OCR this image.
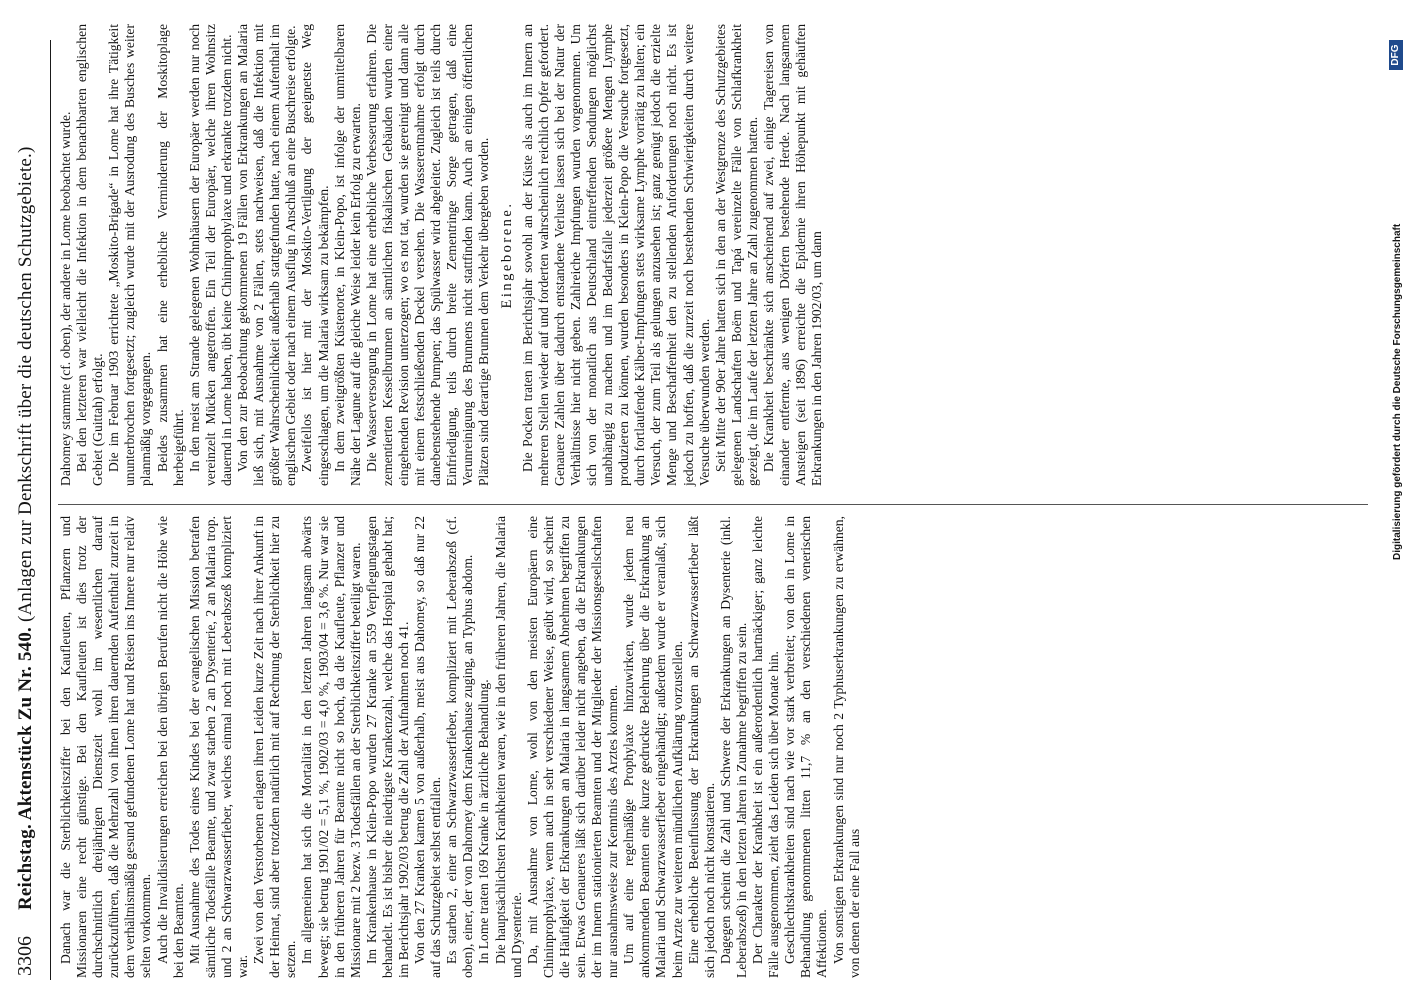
3306
Reichstag. Aktenstück Zu Nr. 540. (Anlagen zur Denkschrift über die deutschen Schutzgebiete.)

Danach war die Sterblichkeitsziffer bei den Kaufleuten, Pflanzern und Missionaren eine recht günstige. Bei den Kaufleuten ist dies trotz der durchschnittlich dreijährigen Dienstzeit wohl im wesentlichen darauf zurückzuführen, daß die Mehrzahl von ihnen ihren dauernden Aufenthalt zurzeit in dem verhältnismäßig gesund gefundenen Lome hat und Reisen ins Innere nur relativ selten vorkommen. Auch die Invalidisierungen erreichen bei den übrigen Berufen nicht die Höhe wie bei den Beamten. Mit Ausnahme des Todes eines Kindes bei der evangelischen Mission betrafen sämtliche Todesfälle Beamte, und zwar starben 2 an Dysenterie, 2 an Malaria trop. und 2 an Schwarzwasserfieber, welches einmal noch mit Leberabszeß kompliziert war.

Zwei von den Verstorbenen erlagen ihren Leiden kurze Zeit nach ihrer Ankunft in der Heimat, sind aber trotzdem natürlich mit auf Rechnung der Sterblichkeit hier zu setzen. Im allgemeinen hat sich die Mortalität in den letzten Jahren langsam abwärts bewegt; sie betrug 1901/02 = 5,1 %, 1902/03 = 4,0 %, 1903/04 = 3,6 %. Nur war sie in den früheren Jahren für Beamte nicht so hoch, da die Kaufleute, Pflanzer und Missionare mit 2 bezw. 3 Todesfällen an der Sterblichkeitsziffer beteiligt waren. Im Krankenhause in Klein-Popo wurden 27 Kranke an 559 Verpflegungstagen behandelt. Es ist bisher die niedrigste Krankenzahl, welche das Hospital gehabt hat; im Berichtsjahr 1902/03 betrug die Zahl der Aufnahmen noch 41. Von den 27 Kranken kamen 5 von außerhalb, meist aus Dahomey, so daß nur 22 auf das Schutzgebiet selbst entfallen. Es starben 2, einer an Schwarzwasserfieber, kompliziert mit Leberabszeß (cf. oben), einer, der von Dahomey dem Krankenhause zuging, an Typhus abdom. In Lome traten 169 Kranke in ärztliche Behandlung. Die hauptsächlichsten Krankheiten waren, wie in den früheren Jahren, die Malaria und Dysenterie. Da, mit Ausnahme von Lome, wohl von den meisten Europäern eine Chininprophylaxe, wenn auch in sehr verschiedener Weise, geübt wird, so scheint die Häufigkeit der Erkrankungen an Malaria in langsamem Abnehmen begriffen zu sein. Etwas Genaueres läßt sich darüber leider nicht angeben, da die Erkrankungen der im Innern stationierten Beamten und der Mitglieder der Missionsgesellschaften nur ausnahmsweise zur Kenntnis des Arztes kommen. Um auf eine regelmäßige Prophylaxe hinzuwirken, wurde jedem neu ankommenden Beamten eine kurze gedruckte Belehrung über die Erkrankung an Malaria und Schwarzwasserfieber eingehändigt; außerdem wurde er veranlaßt, sich beim Arzte zur weiteren mündlichen Aufklärung vorzustellen. Eine erhebliche Beeinflussung der Erkrankungen an Schwarzwasserfieber läßt sich jedoch noch nicht konstatieren. Dagegen scheint die Zahl und Schwere der Erkrankungen an Dysenterie (inkl. Leberabszeß) in den letzten Jahren in Zunahme begriffen zu sein. Der Charakter der Krankheit ist ein außerordentlich hartnäckiger; ganz leichte Fälle ausgenommen, zieht das Leiden sich über Monate hin. Geschlechtskrankheiten sind nach wie vor stark verbreitet; von den in Lome in Behandlung genommenen litten 11,7 % an den verschiedenen venerischen Affektionen. Von sonstigen Erkrankungen sind nur noch 2 Typhuserkrankungen zu erwähnen, von denen der eine Fall aus

Dahomey stammte (cf. oben), der andere in Lome beobachtet wurde. Bei den letzteren war vielleicht die Infektion in dem benachbarten englischen Gebiet (Guittah) erfolgt. Die im Februar 1903 errichtete „Moskito-Brigade“ in Lome hat ihre Tätigkeit ununterbrochen fortgesetzt; zugleich wurde mit der Ausrodung des Busches weiter planmäßig vorgegangen. Beides zusammen hat eine erhebliche Verminderung der Moskitoplage herbeigeführt. In den meist am Strande gelegenen Wohnhäusern der Europäer werden nur noch vereinzelt Mücken angetroffen. Ein Teil der Europäer, welche ihren Wohnsitz dauernd in Lome haben, übt keine Chininprophylaxe und erkrankte trotzdem nicht. Von den zur Beobachtung gekommenen 19 Fällen von Erkrankungen an Malaria ließ sich, mit Ausnahme von 2 Fällen, stets nachweisen, daß die Infektion mit größter Wahrscheinlichkeit außerhalb stattgefunden hatte, nach einem Aufenthalt im englischen Gebiet oder nach einem Ausflug in Anschluß an eine Buschreise erfolgte. Zweifellos ist hier mit der Moskito-Vertilgung der geeignetste Weg eingeschlagen, um die Malaria wirksam zu bekämpfen. In dem zweitgrößten Küstenorte, in Klein-Popo, ist infolge der unmittelbaren Nähe der Lagune auf die gleiche Weise leider kein Erfolg zu erwarten. Die Wasserversorgung in Lome hat eine erhebliche Verbesserung erfahren. Die zementierten Kesselbrunnen an sämtlichen fiskalischen Gebäuden wurden einer eingehenden Revision unterzogen; wo es not tat, wurden sie gereinigt und dann alle mit einem festschließenden Deckel versehen. Die Wasserentnahme erfolgt durch danebenstehende Pumpen; das Spülwasser wird abgeleitet. Zugleich ist teils durch Einfriedigung, teils durch breite Zementringe Sorge getragen, daß eine Verunreinigung des Brunnens nicht stattfinden kann. Auch an einigen öffentlichen Plätzen sind derartige Brunnen dem Verkehr übergeben worden. Eingeborene. Die Pocken traten im Berichtsjahr sowohl an der Küste als auch im Innern an mehreren Stellen wieder auf und forderten wahrscheinlich reichlich Opfer gefordert. Genauere Zahlen über dadurch entstandene Verluste lassen sich bei der Natur der Verhältnisse hier nicht geben. Zahlreiche Impfungen wurden vorgenommen. Um sich von der monatlich aus Deutschland eintreffenden Sendungen möglichst unabhängig zu machen und im Bedarfsfalle jederzeit größere Mengen Lymphe produzieren zu können, wurden besonders in Klein-Popo die Versuche fortgesetzt, durch fortlaufende Kälber-Impfungen stets wirksame Lymphe vorrätig zu halten; ein Versuch, der zum Teil als gelungen anzusehen ist; ganz genügt jedoch die erzielte Menge und Beschaffenheit den zu stellenden Anforderungen noch nicht. Es ist jedoch zu hoffen, daß die zurzeit noch bestehenden Schwierigkeiten durch weitere Versuche überwunden werden. Seit Mitte der 90er Jahre hatten sich in den an der Westgrenze des Schutzgebietes gelegenen Landschaften Boëm und Tapá vereinzelte Fälle von Schlafkrankheit gezeigt, die im Laufe der letzten Jahre an Zahl zugenommen hatten. Die Krankheit beschränkte sich anscheinend auf zwei, einige Tagereisen von einander entfernte, aus wenigen Dörfern bestehende Herde. Nach langsamem Ansteigen (seit 1896) erreichte die Epidemie ihren Höhepunkt mit gehäuften Erkrankungen in den Jahren 1902/03, um dann	Digitalisierung gefördert durch die Deutsche Forschungsgemeinschaft
DFG
